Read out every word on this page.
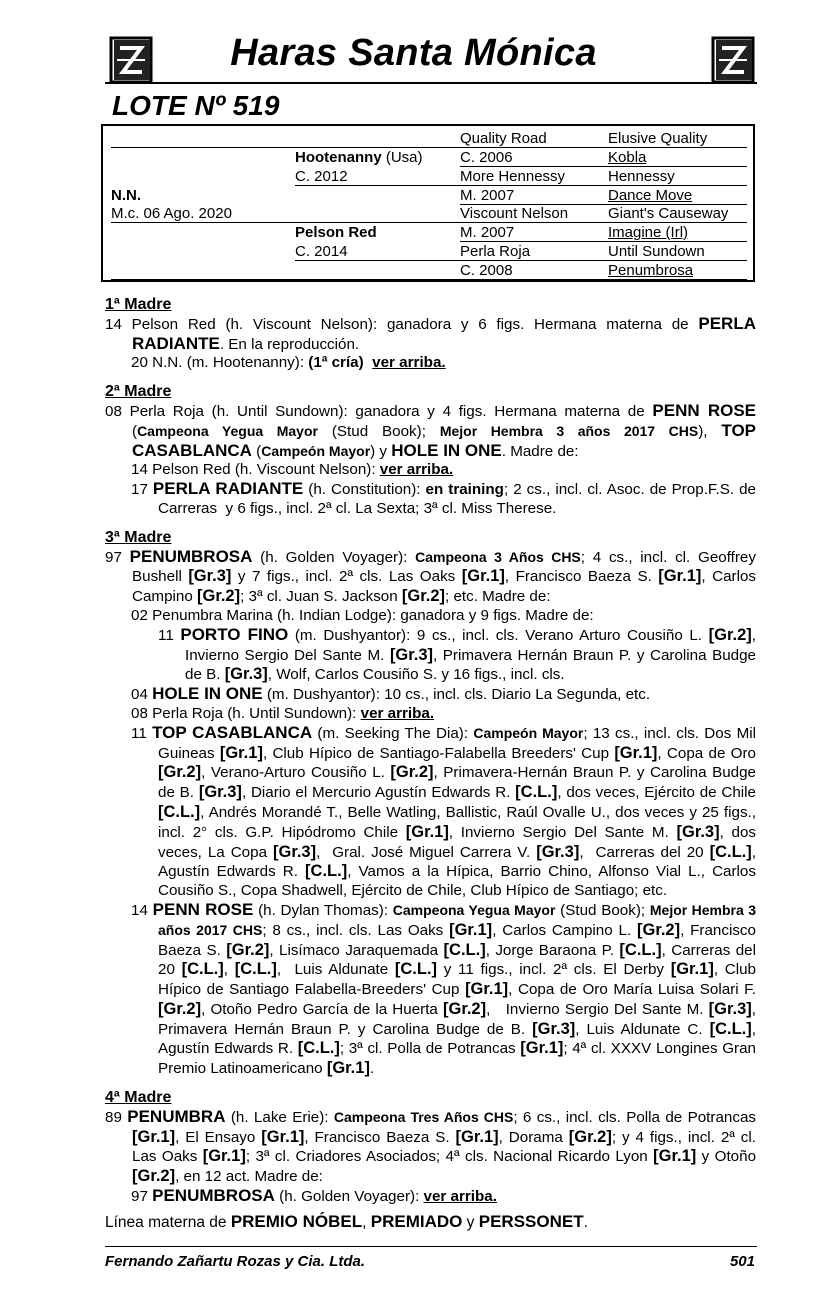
Haras Santa Mónica
LOTE Nº 519
Elusive Quality
Kobla
Hennessy
Dance Move
Giant's Causeway
Imagine (Irl)
Until Sundown
Penumbrosa
Quality Road
C. 2006
More Hennessy
M. 2007
Viscount Nelson
M. 2007
Perla Roja
C. 2008
Hootenanny (Usa)
C. 2012
Pelson Red
C. 2014
N.N.
M.c. 06 Ago. 2020
1ª Madre
14 Pelson Red (h. Viscount Nelson): ganadora y 6 figs. Hermana materna de PERLA RADIANTE. En la reproducción.
20 N.N. (m. Hootenanny): (1ª cría) ver arriba.
2ª Madre
08 Perla Roja (h. Until Sundown): ganadora y 4 figs. Hermana materna de PENN ROSE (Campeona Yegua Mayor (Stud Book); Mejor Hembra 3 años 2017 CHS), TOP CASABLANCA (Campeón Mayor) y HOLE IN ONE. Madre de:
14 Pelson Red (h. Viscount Nelson): ver arriba.
17 PERLA RADIANTE (h. Constitution): en training; 2 cs., incl. cl. Asoc. de Prop.F.S. de Carreras  y 6 figs., incl. 2ª cl. La Sexta; 3ª cl. Miss Therese.
3ª Madre
97 PENUMBROSA (h. Golden Voyager): Campeona 3 Años CHS; 4 cs., incl. cl. Geoffrey Bushell [Gr.3] y 7 figs., incl. 2ª cls. Las Oaks [Gr.1], Francisco Baeza S. [Gr.1], Carlos Campino [Gr.2]; 3ª cl. Juan S. Jackson [Gr.2]; etc. Madre de:
02 Penumbra Marina (h. Indian Lodge): ganadora y 9 figs. Madre de:
11 PORTO FINO (m. Dushyantor): 9 cs., incl. cls. Verano Arturo Cousiño L. [Gr.2], Invierno Sergio Del Sante M. [Gr.3], Primavera Hernán Braun P. y Carolina Budge de B. [Gr.3], Wolf, Carlos Cousiño S. y 16 figs., incl. cls.
04 HOLE IN ONE (m. Dushyantor): 10 cs., incl. cls. Diario La Segunda, etc.
08 Perla Roja (h. Until Sundown): ver arriba.
11 TOP CASABLANCA (m. Seeking The Dia): Campeón Mayor; 13 cs., incl. cls. Dos Mil Guineas [Gr.1], Club Hípico de Santiago-Falabella Breeders' Cup [Gr.1], Copa de Oro [Gr.2], Verano-Arturo Cousiño L. [Gr.2], Primavera-Hernán Braun P. y Carolina Budge de B. [Gr.3], Diario el Mercurio Agustín Edwards R. [C.L.], dos veces, Ejército de Chile [C.L.], Andrés Morandé T., Belle Watling, Ballistic, Raúl Ovalle U., dos veces y 25 figs., incl. 2° cls. G.P. Hipódromo Chile [Gr.1], Invierno Sergio Del Sante M. [Gr.3], dos veces, La Copa [Gr.3],  Gral. José Miguel Carrera V. [Gr.3],  Carreras del 20 [C.L.], Agustín Edwards R. [C.L.], Vamos a la Hípica, Barrio Chino, Alfonso Vial L., Carlos Cousiño S., Copa Shadwell, Ejército de Chile, Club Hípico de Santiago; etc.
14 PENN ROSE (h. Dylan Thomas): Campeona Yegua Mayor (Stud Book); Mejor Hembra 3 años 2017 CHS; 8 cs., incl. cls. Las Oaks [Gr.1], Carlos Campino L. [Gr.2], Francisco Baeza S. [Gr.2], Lisímaco Jaraquemada [C.L.], Jorge Baraona P. [C.L.], Carreras del 20 [C.L.], [C.L.],  Luis Aldunate [C.L.] y 11 figs., incl. 2ª cls. El Derby [Gr.1], Club Hípico de Santiago Falabella-Breeders' Cup [Gr.1], Copa de Oro María Luisa Solari F. [Gr.2], Otoño Pedro García de la Huerta [Gr.2],   Invierno Sergio Del Sante M. [Gr.3], Primavera Hernán Braun P. y Carolina Budge de B. [Gr.3], Luis Aldunate C. [C.L.], Agustín Edwards R. [C.L.]; 3ª cl. Polla de Potrancas [Gr.1]; 4ª cl. XXXV Longines Gran Premio Latinoamericano [Gr.1].
4ª Madre
89 PENUMBRA (h. Lake Erie): Campeona Tres Años CHS; 6 cs., incl. cls. Polla de Potrancas [Gr.1], El Ensayo [Gr.1], Francisco Baeza S. [Gr.1], Dorama [Gr.2]; y 4 figs., incl. 2ª cl. Las Oaks [Gr.1]; 3ª cl. Criadores Asociados; 4ª cls. Nacional Ricardo Lyon [Gr.1] y Otoño [Gr.2], en 12 act. Madre de:
97 PENUMBROSA (h. Golden Voyager): ver arriba.
Línea materna de PREMIO NÓBEL, PREMIADO y PERSSONET.
Fernando Zañartu Rozas y Cia. Ltda.	501
